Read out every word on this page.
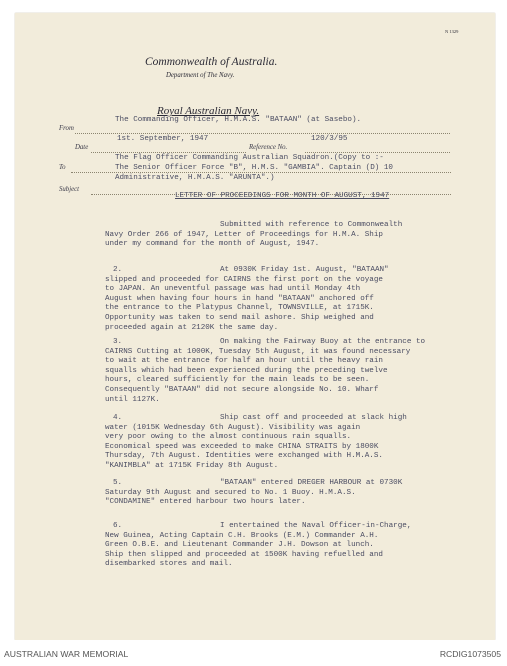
N 1329
Commonwealth of Australia.
Department of The Navy.
Royal Australian Navy.
From
The Commanding Officer, H.M.A.S. "BATAAN" (at Sasebo).
1st. September, 1947	120/3/95
Date	Reference No.
The Flag Officer Commanding Australian Squadron.(Copy to :-
To	The Senior Officer Force "B", H.M.S. "GAMBIA". Captain (D) 10
Administrative, H.M.A.S. "ARUNTA".)
Subject
LETTER OF PROCEEDINGS FOR MONTH OF AUGUST, 1947
Submitted with reference to Commonwealth
Navy Order 266 of 1947, Letter of Proceedings for H.M.A. Ship
under my command for the month of August, 1947.
2.	At 0930K Friday 1st. August, "BATAAN"
slipped and proceeded for CAIRNS the first port on the voyage
to JAPAN. An uneventful passage was had until Monday 4th
August when having four hours in hand "BATAAN" anchored off
the entrance to the Platypus Channel, TOWNSVILLE, at 1715K.
Opportunity was taken to send mail ashore. Ship weighed and
proceeded again at 2120K the same day.
3.	On making the Fairway Buoy at the entrance to
CAIRNS Cutting at 1000K, Tuesday 5th August, it was found necessary
to wait at the entrance for half an hour until the heavy rain
squalls which had been experienced during the preceding twelve
hours, cleared sufficiently for the main leads to be seen.
Consequently "BATAAN" did not secure alongside No. 10. Wharf
until 1127K.
4.	Ship cast off and proceeded at slack high
water (1015K Wednesday 6th August). Visibility was again
very poor owing to the almost continuous rain squalls.
Economical speed was exceeded to make CHINA STRAITS by 1800K
Thursday, 7th August. Identities were exchanged with H.M.A.S.
"KANIMBLA" at 1715K Friday 8th August.
5.	"BATAAN" entered DREGER HARBOUR at 0730K
Saturday 9th August and secured to No. 1 Buoy. H.M.A.S.
"CONDAMINE" entered harbour two hours later.
6.	I entertained the Naval Officer-in-Charge,
New Guinea, Acting Captain C.H. Brooks (E.M.) Commander A.H.
Green O.B.E. and Lieutenant Commander J.H. Dowson at lunch.
Ship then slipped and proceeded at 1500K having refuelled and
disembarked stores and mail.
AUSTRALIAN WAR MEMORIAL	RCDIG1073505
